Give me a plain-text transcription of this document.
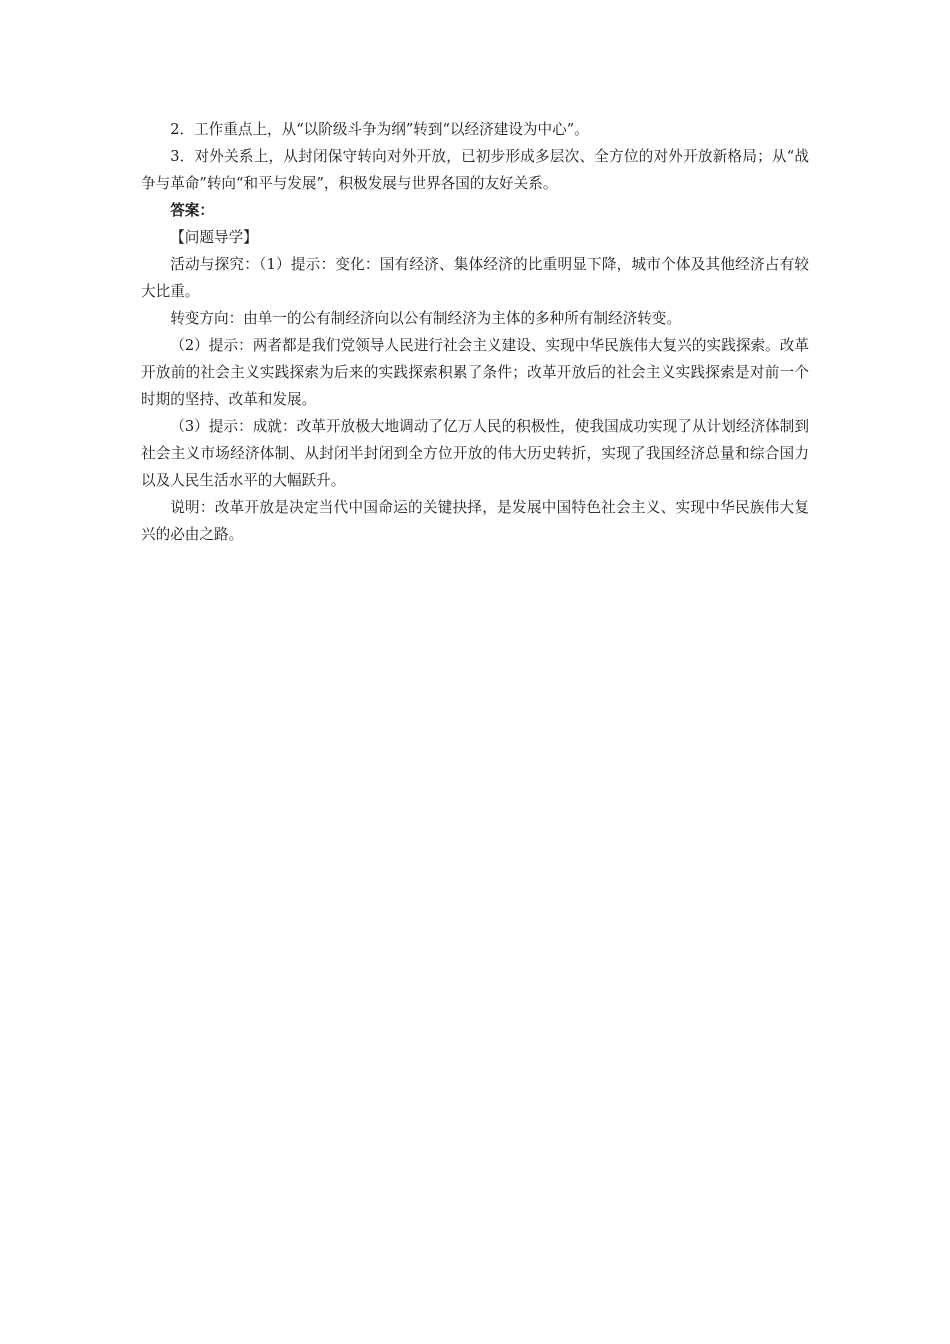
2．工作重点上，从“以阶级斗争为纲”转到“以经济建设为中心”。

3．对外关系上，从封闭保守转向对外开放，已初步形成多层次、全方位的对外开放新格局；从“战争与革命”转向“和平与发展”，积极发展与世界各国的友好关系。

答案：

【问题导学】

活动与探究：（1）提示：变化：国有经济、集体经济的比重明显下降，城市个体及其他经济占有较大比重。

转变方向：由单一的公有制经济向以公有制经济为主体的多种所有制经济转变。

（2）提示：两者都是我们党领导人民进行社会主义建设、实现中华民族伟大复兴的实践探索。改革开放前的社会主义实践探索为后来的实践探索积累了条件；改革开放后的社会主义实践探索是对前一个时期的坚持、改革和发展。

（3）提示：成就：改革开放极大地调动了亿万人民的积极性，使我国成功实现了从计划经济体制到社会主义市场经济体制、从封闭半封闭到全方位开放的伟大历史转折，实现了我国经济总量和综合国力以及人民生活水平的大幅跃升。

说明：改革开放是决定当代中国命运的关键抉择，是发展中国特色社会主义、实现中华民族伟大复兴的必由之路。
